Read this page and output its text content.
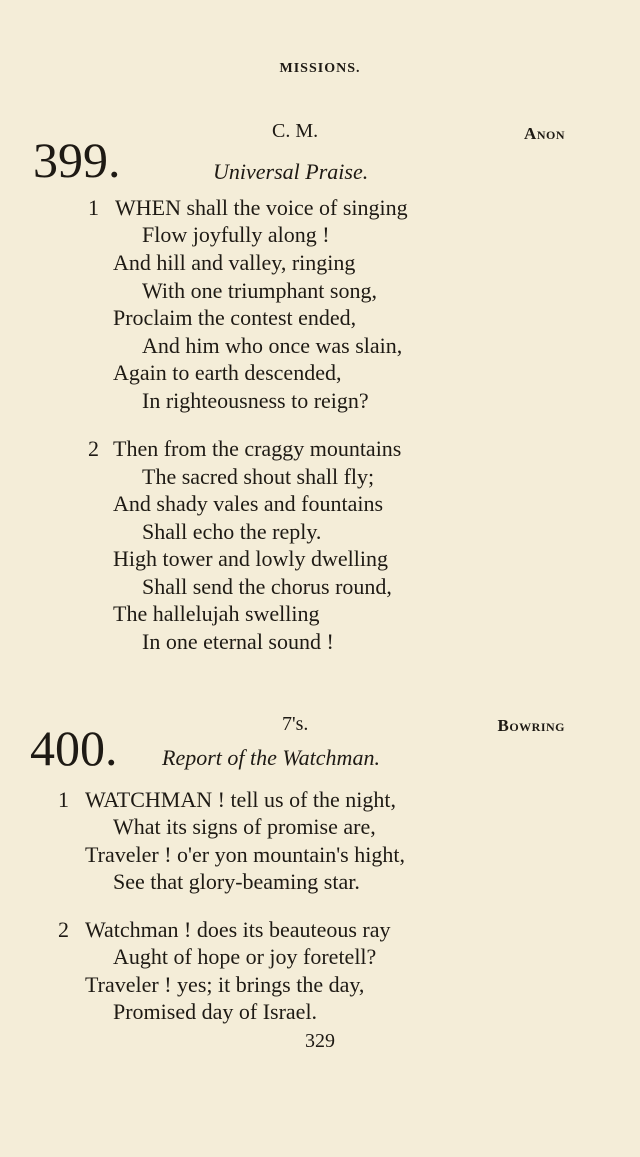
MISSIONS.
399.
C. M.	Anon
Universal Praise.
1 WHEN shall the voice of singing
Flow joyfully along !
And hill and valley, ringing
With one triumphant song,
Proclaim the contest ended,
And him who once was slain,
Again to earth descended,
In righteousness to reign?
2 Then from the craggy mountains
The sacred shout shall fly;
And shady vales and fountains
Shall echo the reply.
High tower and lowly dwelling
Shall send the chorus round,
The hallelujah swelling
In one eternal sound !
400.	7's.	Bowring
Report of the Watchman.
1 WATCHMAN ! tell us of the night,
What its signs of promise are,
Traveler ! o'er yon mountain's hight,
See that glory-beaming star.
2 Watchman ! does its beauteous ray
Aught of hope or joy foretell?
Traveler ! yes; it brings the day,
Promised day of Israel.
329
